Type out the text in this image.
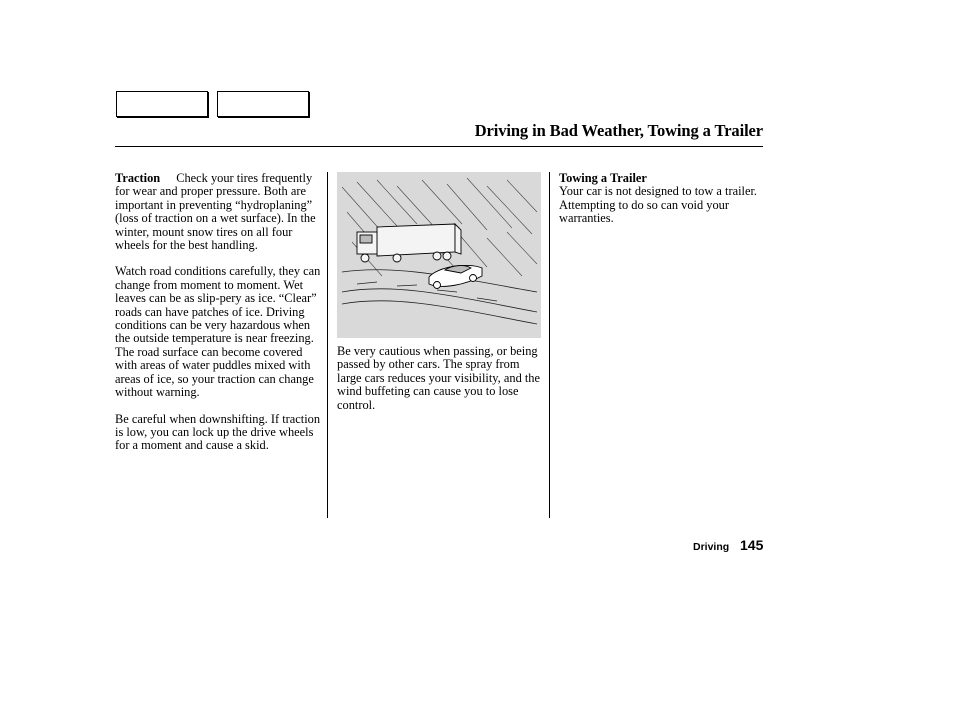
Driving in Bad Weather, Towing a Trailer

Traction Check your tires frequently for wear and proper pressure. Both are important in preventing “hydroplaning” (loss of traction on a wet surface). In the winter, mount snow tires on all four wheels for the best handling.

Watch road conditions carefully, they can change from moment to moment. Wet leaves can be as slip-pery as ice. “Clear” roads can have patches of ice. Driving conditions can be very hazardous when the outside temperature is near freezing. The road surface can become covered with areas of water puddles mixed with areas of ice, so your traction can change without warning.

Be careful when downshifting. If traction is low, you can lock up the drive wheels for a moment and cause a skid.

Be very cautious when passing, or being passed by other cars. The spray from large cars reduces your visibility, and the wind buffeting can cause you to lose control.

Towing a Trailer

Your car is not designed to tow a trailer. Attempting to do so can void your warranties.

Driving 145
